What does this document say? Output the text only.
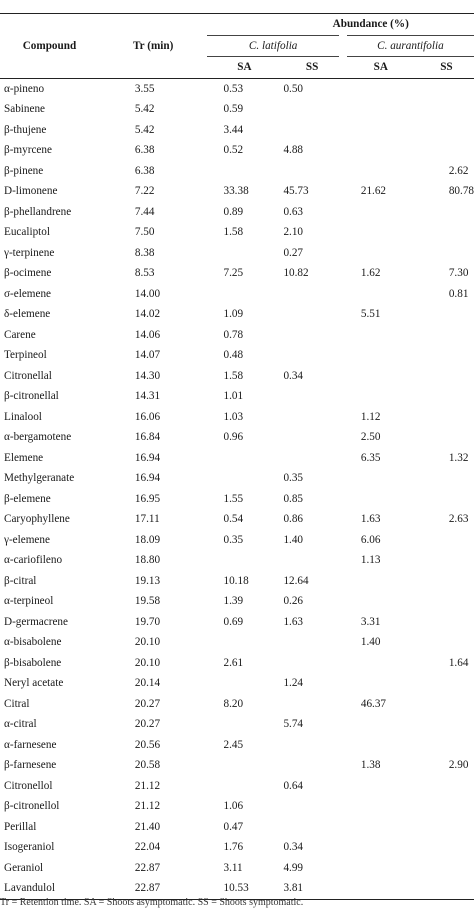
Compound	Tr (min)	Abundance (%)			
		C. latifolia		C. aurantifolia	
		SA	SS	SA	SS
α-pineno	3.55	0.53	0.50		
Sabinene	5.42	0.59			
β-thujene	5.42	3.44			
β-myrcene	6.38	0.52	4.88		
β-pinene	6.38				2.62
D-limonene	7.22	33.38	45.73	21.62	80.78
β-phellandrene	7.44	0.89	0.63		
Eucaliptol	7.50	1.58	2.10		
γ-terpinene	8.38		0.27		
β-ocimene	8.53	7.25	10.82	1.62	7.30
σ-elemene	14.00				0.81
δ-elemene	14.02	1.09		5.51	
Carene	14.06	0.78			
Terpineol	14.07	0.48			
Citronellal	14.30	1.58	0.34		
β-citronellal	14.31	1.01			
Linalool	16.06	1.03		1.12	
α-bergamotene	16.84	0.96		2.50	
Elemene	16.94			6.35	1.32
Methylgeranate	16.94		0.35		
β-elemene	16.95	1.55	0.85		
Caryophyllene	17.11	0.54	0.86	1.63	2.63
γ-elemene	18.09	0.35	1.40	6.06	
α-cariofileno	18.80			1.13	
β-citral	19.13	10.18	12.64		
α-terpineol	19.58	1.39	0.26		
D-germacrene	19.70	0.69	1.63	3.31	
α-bisabolene	20.10			1.40	
β-bisabolene	20.10	2.61			1.64
Neryl acetate	20.14		1.24		
Citral	20.27	8.20		46.37	
α-citral	20.27		5.74		
α-farnesene	20.56	2.45			
β-farnesene	20.58			1.38	2.90
Citronellol	21.12		0.64		
β-citronellol	21.12	1.06			
Perillal	21.40	0.47			
Isogeraniol	22.04	1.76	0.34		
Geraniol	22.87	3.11	4.99		
Lavandulol	22.87	10.53	3.81		
Tr = Retention time. SA = Shoots asymptomatic. SS = Shoots symptomatic.
